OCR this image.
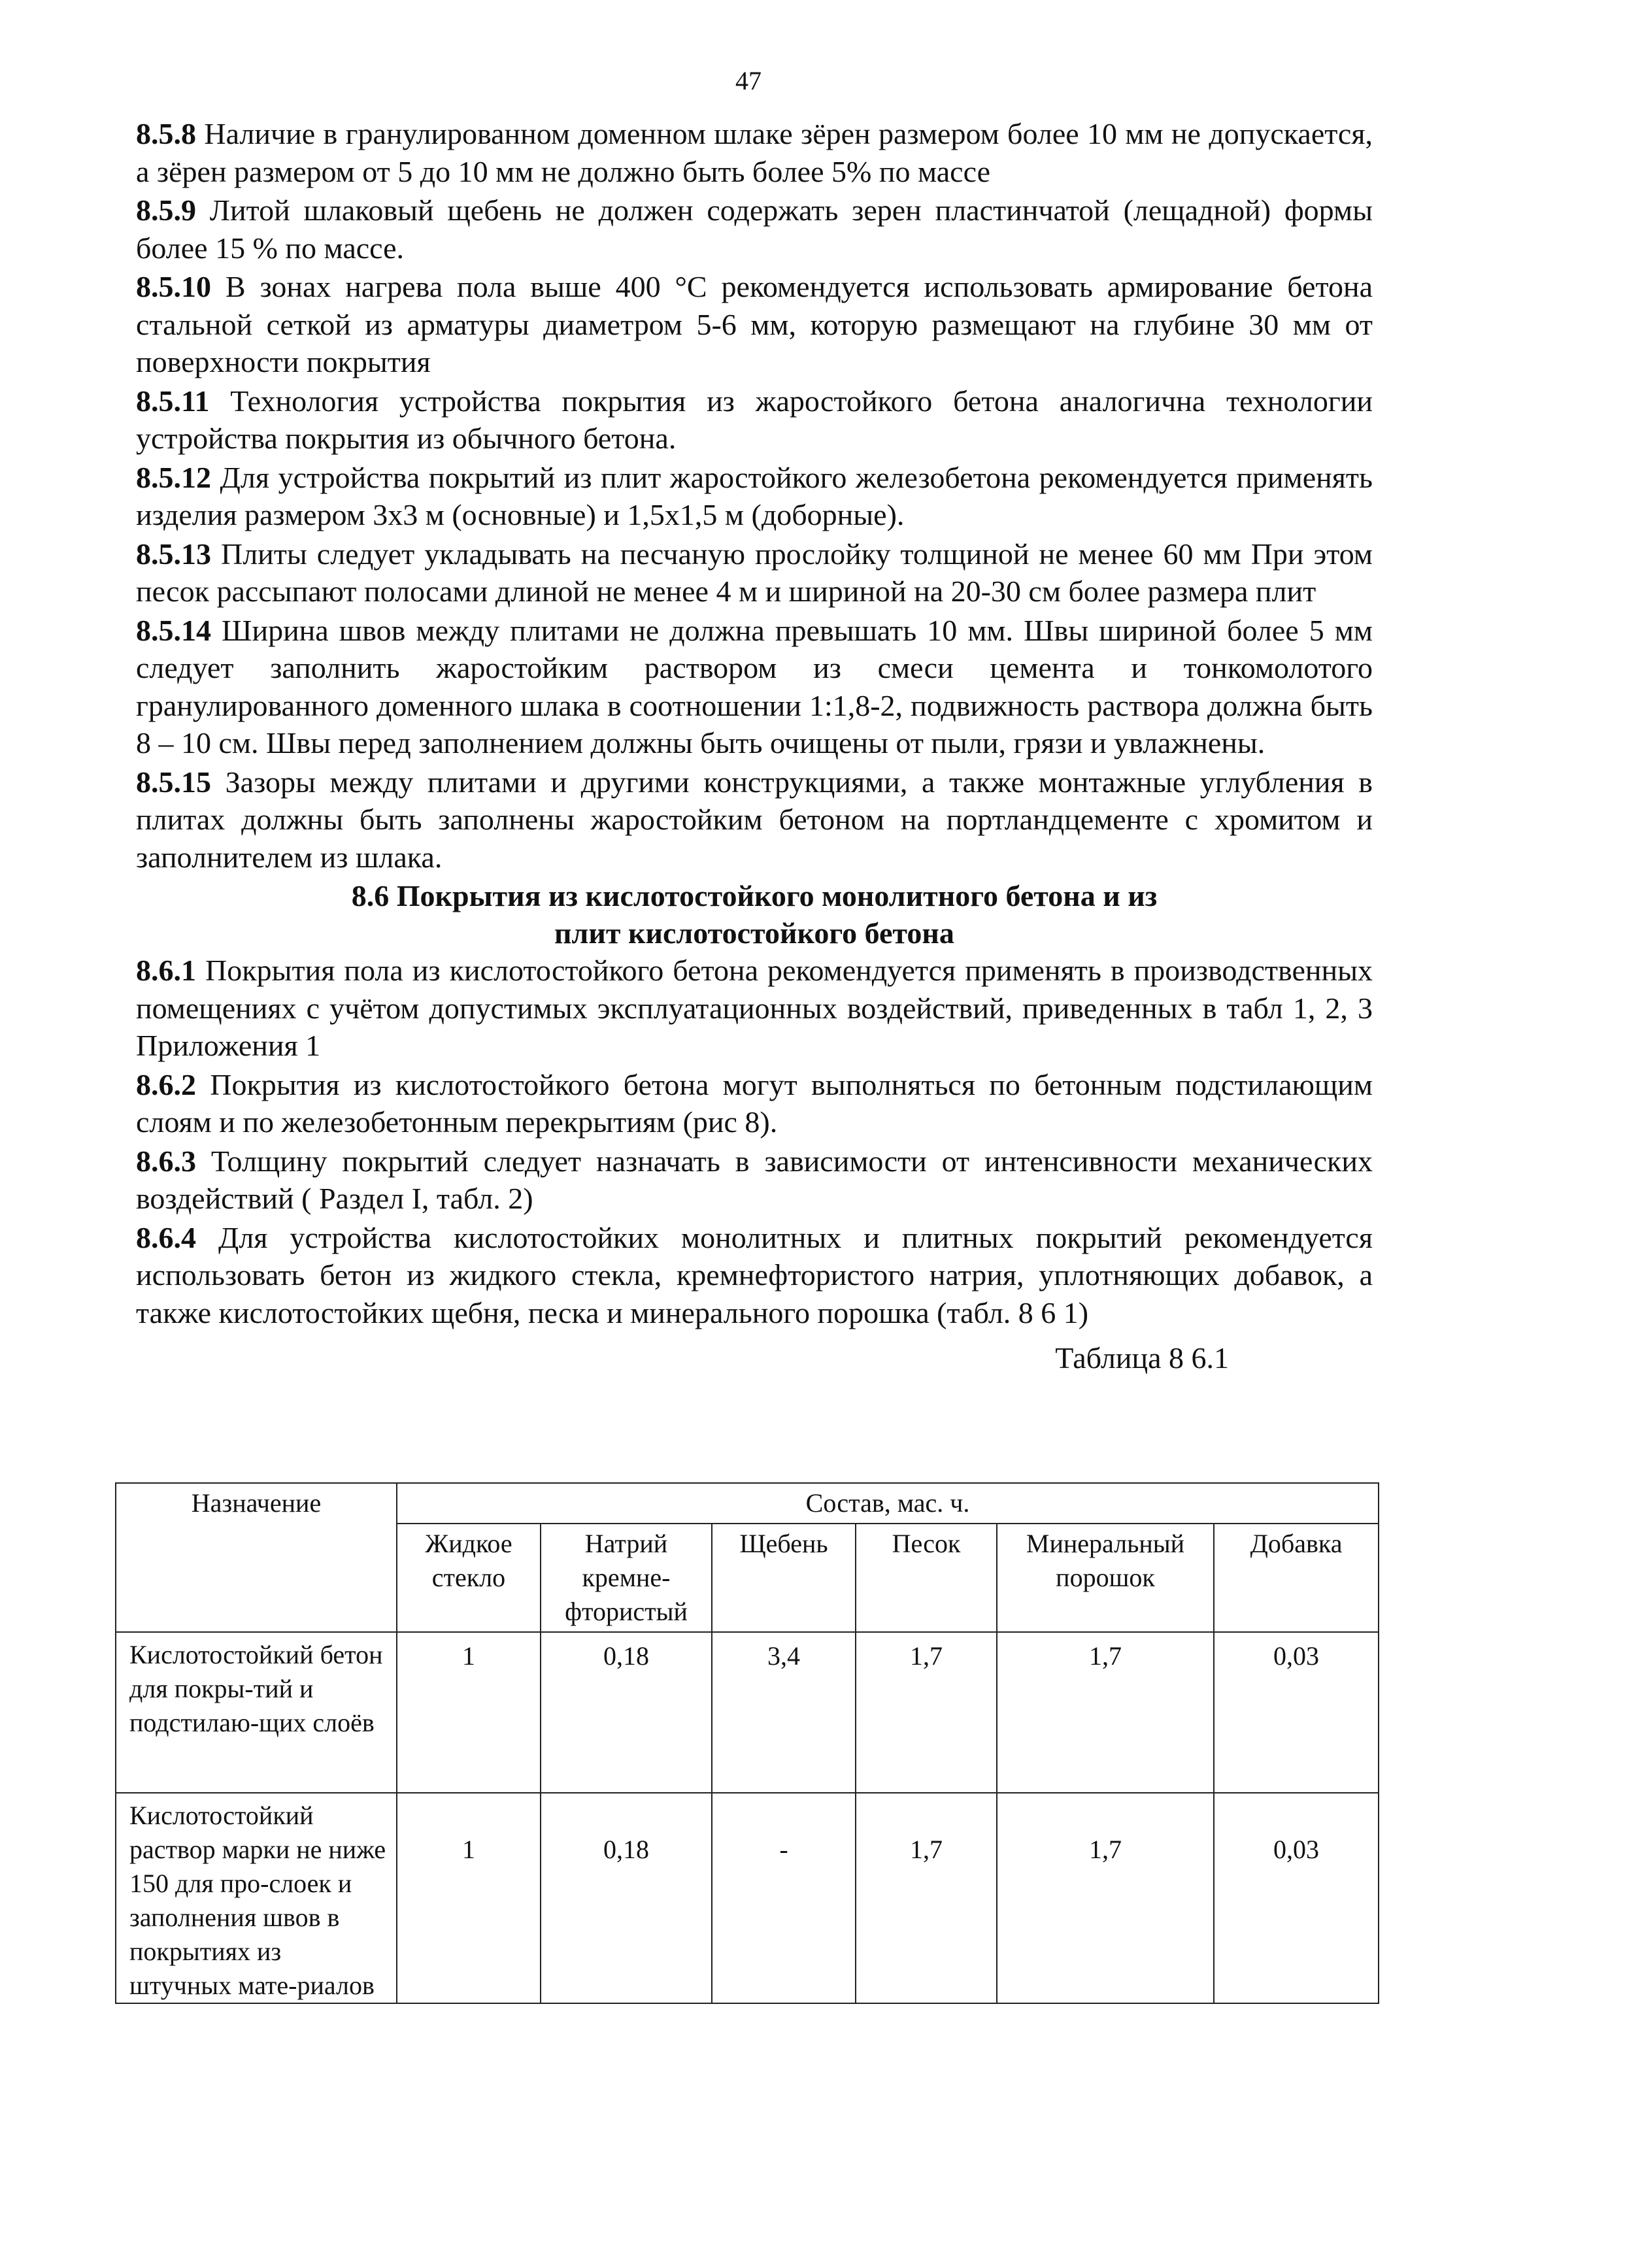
47

8.5.8 Наличие в гранулированном доменном шлаке зёрен размером более 10 мм не допускается, а зёрен размером от 5 до 10 мм не должно быть более 5% по массе

8.5.9 Литой шлаковый щебень не должен содержать зерен пластинчатой (лещадной) формы более 15 % по массе.

8.5.10 В зонах нагрева пола выше 400 °С рекомендуется использовать армирование бетона стальной сеткой из арматуры диаметром 5-6 мм, которую размещают на глубине 30 мм от поверхности покрытия

8.5.11 Технология устройства покрытия из жаростойкого бетона аналогична технологии устройства покрытия из обычного бетона.

8.5.12 Для устройства покрытий из плит жаростойкого железобетона рекомендуется применять изделия размером 3х3 м (основные) и 1,5х1,5 м (доборные).

8.5.13 Плиты следует укладывать на песчаную прослойку толщиной не менее 60 мм При этом песок рассыпают полосами длиной не менее 4 м и шириной на 20-30 см более размера плит

8.5.14 Ширина швов между плитами не должна превышать 10 мм. Швы шириной более 5 мм следует заполнить жаростойким раствором из смеси цемента и тонкомолотого гранулированного доменного шлака в соотношении 1:1,8-2, подвижность раствора должна быть 8 – 10 см. Швы перед заполнением должны быть очищены от пыли, грязи и увлажнены.

8.5.15 Зазоры между плитами и другими конструкциями, а также монтажные углубления в плитах должны быть заполнены жаростойким бетоном на портландцементе с хромитом и заполнителем из шлака.

8.6 Покрытия из кислотостойкого монолитного бетона и из
плит кислотостойкого бетона

8.6.1 Покрытия пола из кислотостойкого бетона рекомендуется применять в производственных помещениях с учётом допустимых эксплуатационных воздействий, приведенных в табл 1, 2, 3 Приложения 1

8.6.2 Покрытия из кислотостойкого бетона могут выполняться по бетонным подстилающим слоям и по железобетонным перекрытиям (рис 8).

8.6.3 Толщину покрытий следует назначать в зависимости от интенсивности механических воздействий ( Раздел I, табл. 2)

8.6.4 Для устройства кислотостойких монолитных и плитных покрытий рекомендуется использовать бетон из жидкого стекла, кремнефтористого натрия, уплотняющих добавок, а также кислотостойких щебня, песка и минерального порошка (табл. 8 6 1)

Таблица 8 6.1
Назначение	Состав, мас. ч.					
	Жидкое стекло	Натрий кремне-фтористый	Щебень	Песок	Минеральный порошок	Добавка
Кислотостойкий бетон для покры-тий и подстилаю-щих слоёв	1	0,18	3,4	1,7	1,7	0,03
Кислотостойкий раствор марки не ниже 150 для про-слоек и заполнения швов в покрытиях из штучных мате-риалов	1	0,18	-	1,7	1,7	0,03
